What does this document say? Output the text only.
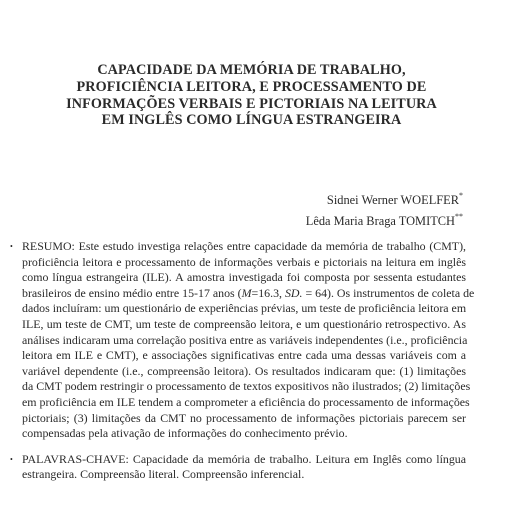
CAPACIDADE DA MEMÓRIA DE TRABALHO,
PROFICIÊNCIA LEITORA, E PROCESSAMENTO DE
INFORMAÇÕES VERBAIS E PICTORIAIS NA LEITURA
EM INGLÊS COMO LÍNGUA ESTRANGEIRA
Sidnei Werner WOELFER*
Lêda Maria Braga TOMITCH**
• RESUMO: Este estudo investiga relações entre capacidade da memória de trabalho (CMT),
proficiência leitora e processamento de informações verbais e pictoriais na leitura em inglês
como língua estrangeira (ILE). A amostra investigada foi composta por sessenta estudantes
brasileiros de ensino médio entre 15-17 anos (M=16.3, SD. = 64). Os instrumentos de coleta de
dados incluíram: um questionário de experiências prévias, um teste de proficiência leitora em
ILE, um teste de CMT, um teste de compreensão leitora, e um questionário retrospectivo. As
análises indicaram uma correlação positiva entre as variáveis independentes (i.e., proficiência
leitora em ILE e CMT), e associações significativas entre cada uma dessas variáveis com a
variável dependente (i.e., compreensão leitora). Os resultados indicaram que: (1) limitações
da CMT podem restringir o processamento de textos expositivos não ilustrados; (2) limitações
em proficiência em ILE tendem a comprometer a eficiência do processamento de informações
pictoriais; (3) limitações da CMT no processamento de informações pictoriais parecem ser
compensadas pela ativação de informações do conhecimento prévio.
• PALAVRAS-CHAVE: Capacidade da memória de trabalho. Leitura em Inglês como língua
estrangeira. Compreensão literal. Compreensão inferencial.
